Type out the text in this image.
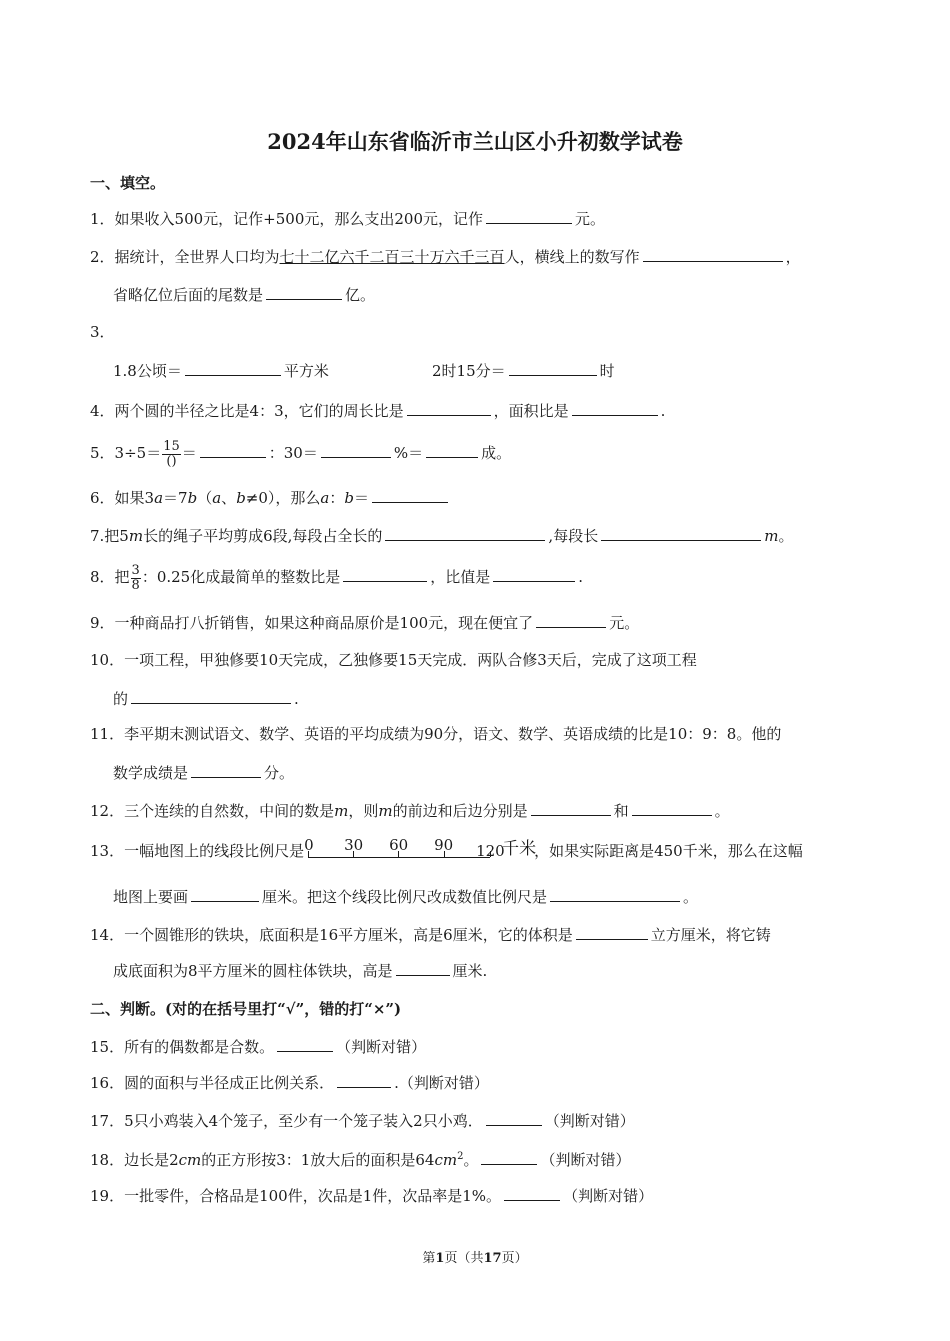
2024年山东省临沂市兰山区小升初数学试卷
一、填空。
1．如果收入500元，记作+500元，那么支出200元，记作	元。
2．据统计，全世界人口均为七十二亿六千二百三十万六千三百人，横线上的数写作	，
省略亿位后面的尾数是	亿。
3．
1.8公顷＝	平方米	2时15分＝	时
4．两个圆的半径之比是4：3，它们的周长比是	，面积比是	.
5．$3\div 5= \frac{15}{()}$ ＝	：30＝	%＝	成。
6．如果3a＝7b（a、b≠0），那么a：b＝
7.把5m长的绳子平均剪成6段,每段占全长的	,每段长	m。
8．把 $\frac{3}{8}$ ：0.25化成最简单的整数比是	，比值是	.
9．一种商品打八折销售，如果这种商品原价是100元，现在便宜了	元。
10．一项工程，甲独修要10天完成，乙独修要15天完成．两队合修3天后，完成了这项工程
的	.
11．李平期末测试语文、数学、英语的平均成绩为90分，语文、数学、英语成绩的比是10：9：8。他的
数学成绩是	分。
12．三个连续的自然数，中间的数是m，则m的前边和后边分别是	和	。
13．一幅地图上的线段比例尺是 0 30 60 90 120
千米
，如果实际距离是450千米，那么在这幅
地图上要画	厘米。把这个线段比例尺改成数值比例尺是	。
14．一个圆锥形的铁块，底面积是16平方厘米，高是6厘米，它的体积是	立方厘米，将它铸
成底面积为8平方厘米的圆柱体铁块，高是	厘米.
二、判断。(对的在括号里打“√”，错的打“×”)
15．所有的偶数都是合数。	（判断对错）
16．圆的面积与半径成正比例关系．	.（判断对错）
17．5只小鸡装入4个笼子，至少有一个笼子装入2只小鸡．	（判断对错）
18．边长是2cm的正方形按3：1放大后的面积是$64cm^2$。	（判断对错）
19．一批零件，合格品是100件，次品是1件，次品率是1%。	（判断对错）
第1页（共17页）
